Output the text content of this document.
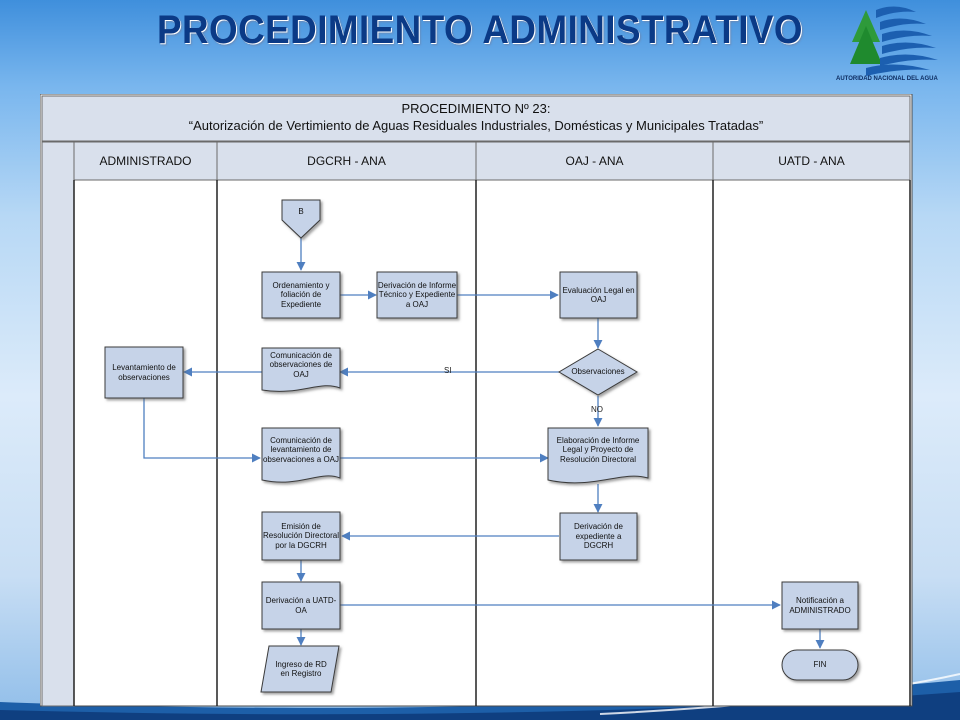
PROCEDIMIENTO ADMINISTRATIVO
AUTORIDAD NACIONAL DEL AGUA
PROCEDIMIENTO Nº 23:
“Autorización de Vertimiento de Aguas Residuales Industriales, Domésticas y Municipales Tratadas”
ADMINISTRADO	DGCRH - ANA	OAJ - ANA	UATD - ANA
B
Ordenamiento y foliación de Expediente
Derivación de Informe Técnico y Expediente a OAJ
Evaluación Legal en OAJ
Observaciones
Levantamiento de observaciones
Comunicación de observaciones de OAJ
Comunicación de levantamiento de observaciones a OAJ
Elaboración de Informe Legal y Proyecto de Resolución Directoral
Derivación de expediente a DGCRH
Emisión de Resolución Directoral por la DGCRH
Derivación a UATD-OA
Notificación a ADMINISTRADO
Ingreso de RD en Registro
FIN
SI
NO
